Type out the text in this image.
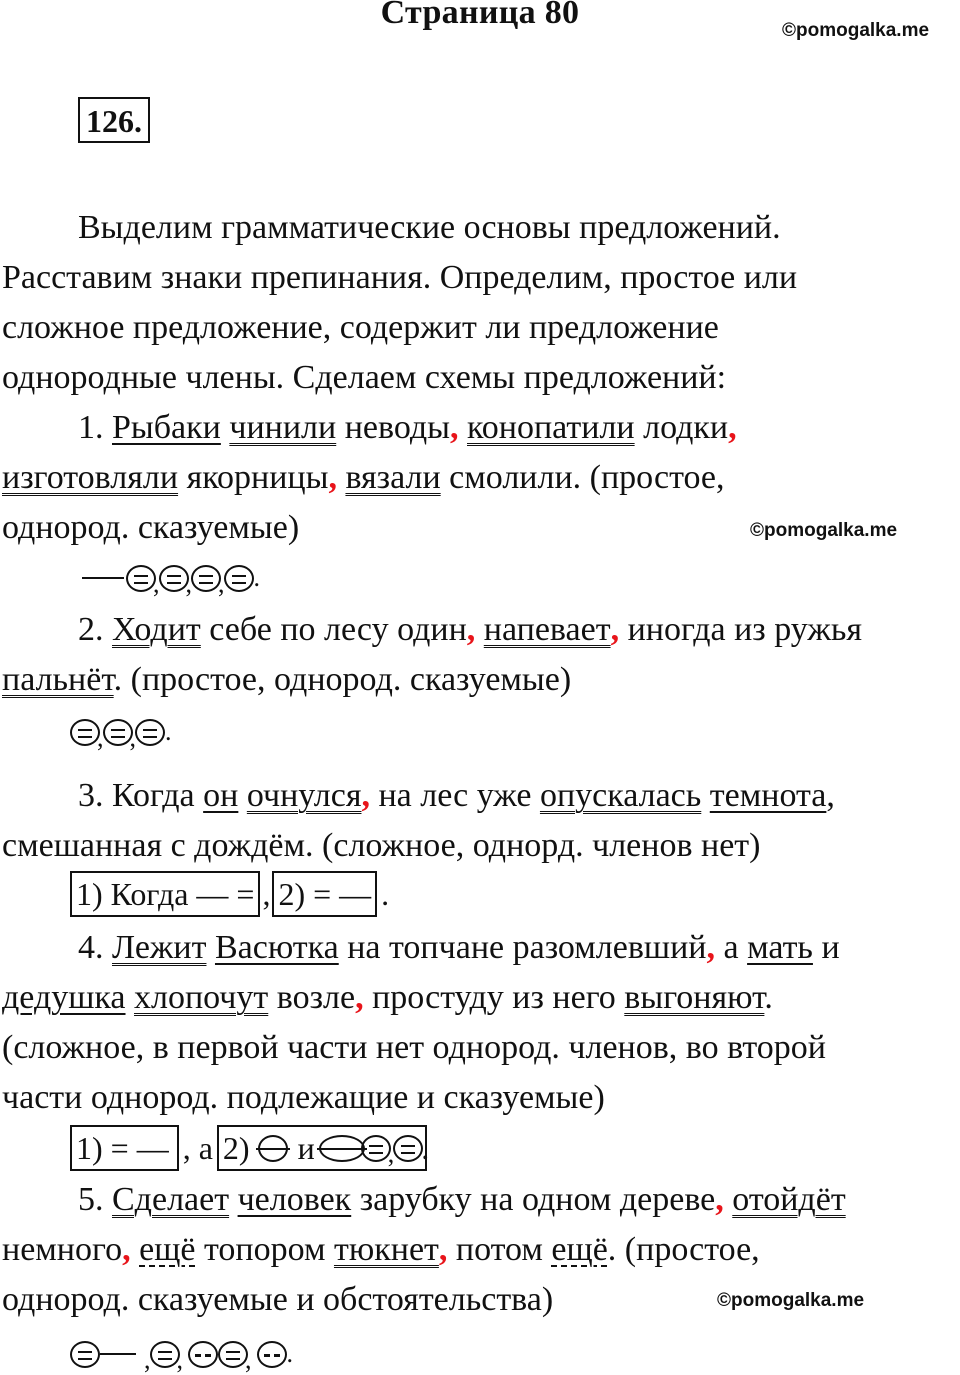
Страница 80	©pomogalka.me
126.
Выделим грамматические основы предложений.
Расставим знаки препинания. Определим, простое или
сложное предложение, содержит ли предложение
однородные члены. Сделаем схемы предложений:
1. Рыбаки чинили неводы, конопатили лодки,
изготовляли якорницы, вязали смолили. (простое,
однород. сказуемые)	©pomogalka.me
, , , .
2. Ходит себе по лесу один, напевает, иногда из ружья
пальнёт. (простое, однород. сказуемые)
, , .
3. Когда он очнулся, на лес уже опускалась темнота,
смешанная с дождём. (сложное, однорд. членов нет)
1) Когда — = , 2) = — .
4. Лежит Васютка на топчане разомлевший, а мать и
дедушка хлопочут возле, простуду из него выгоняют.
(сложное, в первой части нет однород. членов, во второй
части однород. подлежащие и сказуемые)
1) = — , а 2) и	, .
5. Сделает человек зарубку на одном дереве, отойдёт
немного, ещё топором тюкнет, потом ещё. (простое,
однород. сказуемые и обстоятельства)	©pomogalka.me
, , , .
